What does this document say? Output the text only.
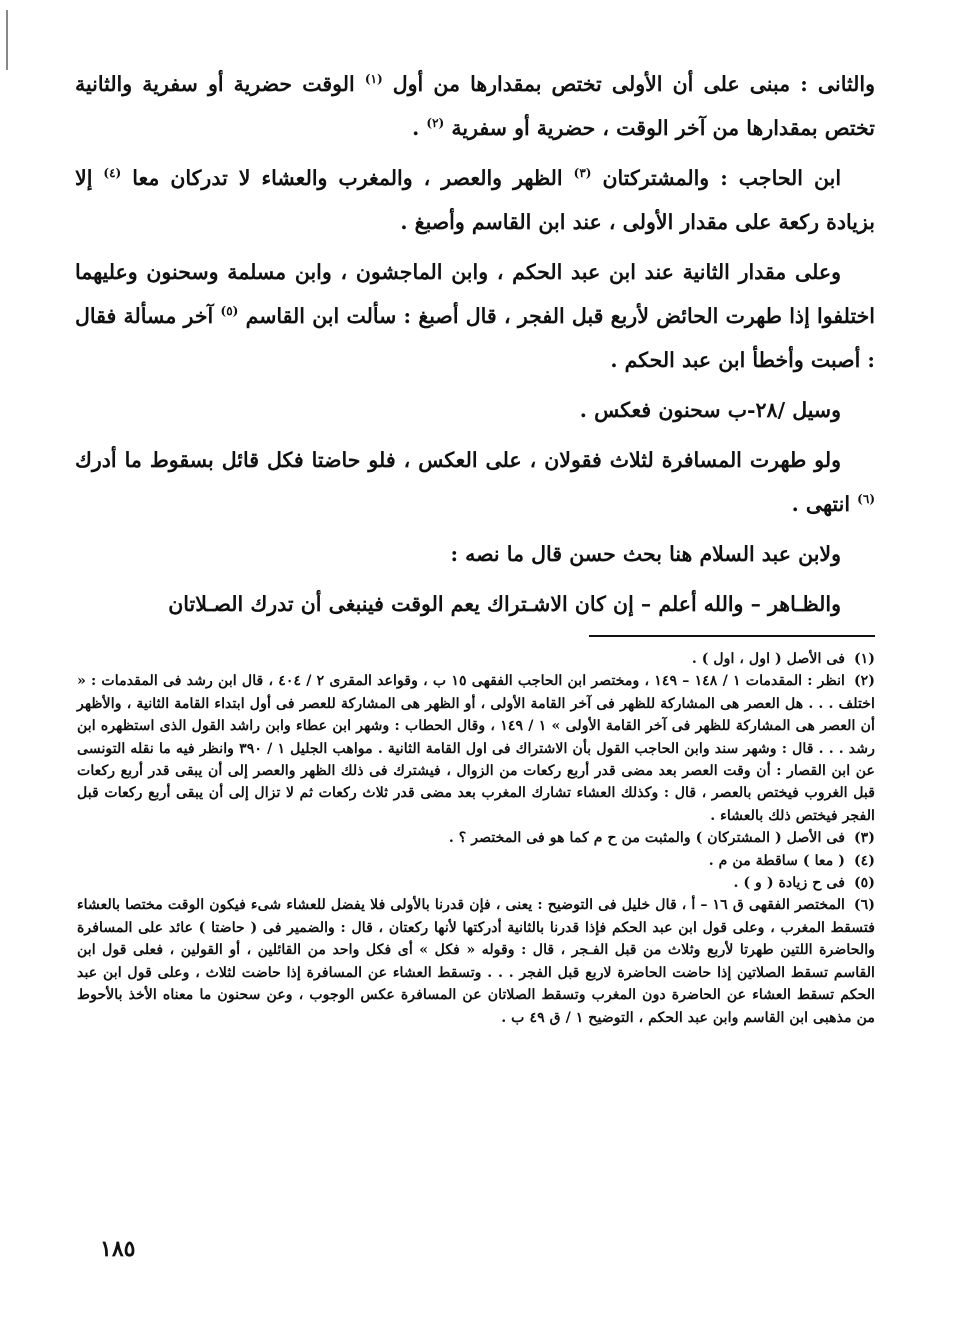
والثانى : مبنى على أن الأولى تختص بمقدارها من أول $^{(١)}$ الوقت حضرية أو سفرية والثانية تختص بمقدارها من آخر الوقت ، حضرية أو سفرية $^{(٢)}$ .

ابن الحاجب : والمشتركتان $^{(٣)}$ الظهر والعصر ، والمغرب والعشاء لا تدركان معا $^{(٤)}$ إلا بزيادة ركعة على مقدار الأولى ، عند ابن القاسم وأصبغ .

وعلى مقدار الثانية عند ابن عبد الحكم ، وابن الماجشون ، وابن مسلمة وسحنون وعليهما اختلفوا إذا طهرت الحائض لأربع قبل الفجر ، قال أصبغ : سألت ابن القاسم $^{(٥)}$ آخر مسألة فقال : أصبت وأخطأ ابن عبد الحكم .

وسيل /٢٨-ب سحنون فعكس .

ولو طهرت المسافرة لثلاث فقولان ، على العكس ، فلو حاضتا فكل قائل بسقوط ما أدرك $^{(٦)}$ انتهى .

ولابن عبد السلام هنا بحث حسن قال ما نصه :

والظـاهر – والله أعلم – إن كان الاشـتراك يعم الوقت فينبغى أن تدرك الصـلاتان

(١)فى الأصل ( اول ، اول ) .

(٢)انظر : المقدمات ١ / ١٤٨ – ١٤٩ ، ومختصر ابن الحاجب الفقهى ١٥ ب ، وقواعد المقرى ٢ / ٤٠٤ ، قال ابن رشد فى المقدمات : « اختلف . . . هل العصر هى المشاركة للظهر فى آخر القامة الأولى ، أو الظهر هى المشاركة للعصر فى أول ابتداء القامة الثانية ، والأظهر أن العصر هى المشاركة للظهر فى آخر القامة الأولى » ١ / ١٤٩ ، وقال الحطاب : وشهر ابن عطاء وابن راشد القول الذى استظهره ابن رشد . . . قال : وشهر سند وابن الحاجب القول بأن الاشتراك فى اول القامة الثانية . مواهب الجليل ١ / ٣٩٠ وانظر فيه ما نقله التونسى عن ابن القصار : أن وقت العصر بعد مضى قدر أربع ركعات من الزوال ، فيشترك فى ذلك الظهر والعصر إلى أن يبقى قدر أربع ركعات قبل الغروب فيختص بالعصر ، قال : وكذلك العشاء تشارك المغرب بعد مضى قدر ثلاث ركعات ثم لا تزال إلى أن يبقى أربع ركعات قبل الفجر فيختص ذلك بالعشاء .

(٣)فى الأصل ( المشتركان ) والمثبت من ح م كما هو فى المختصر ؟ .

(٤)( معا ) ساقطة من م .

(٥)فى ح زيادة ( و ) .

(٦)المختصر الفقهى ق ١٦ – أ ، قال خليل فى التوضيح : يعنى ، فإن قدرنا بالأولى فلا يفضل للعشاء شىء فيكون الوقت مختصا بالعشاء فتسقط المغرب ، وعلى قول ابن عبد الحكم فإذا قدرنا بالثانية أدركتها لأنها ركعتان ، قال : والضمير فى ( حاضتا ) عائد على المسافرة والحاضرة اللتين طهرتا لأربع وثلاث من قبل الفـجر ، قال : وقوله « فكل » أى فكل واحد من القائلين ، أو القولين ، فعلى قول ابن القاسم تسقط الصلاتين إذا حاضت الحاضرة لاربع قبل الفجر . . . وتسقط العشاء عن المسافرة إذا حاضت لثلاث ، وعلى قول ابن عبد الحكم تسقط العشاء عن الحاضرة دون المغرب وتسقط الصلاتان عن المسافرة عكس الوجوب ، وعن سحنون ما معناه الأخذ بالأحوط من مذهبى ابن القاسم وابن عبد الحكم ، التوضيح ١ / ق ٤٩ ب .

١٨٥
